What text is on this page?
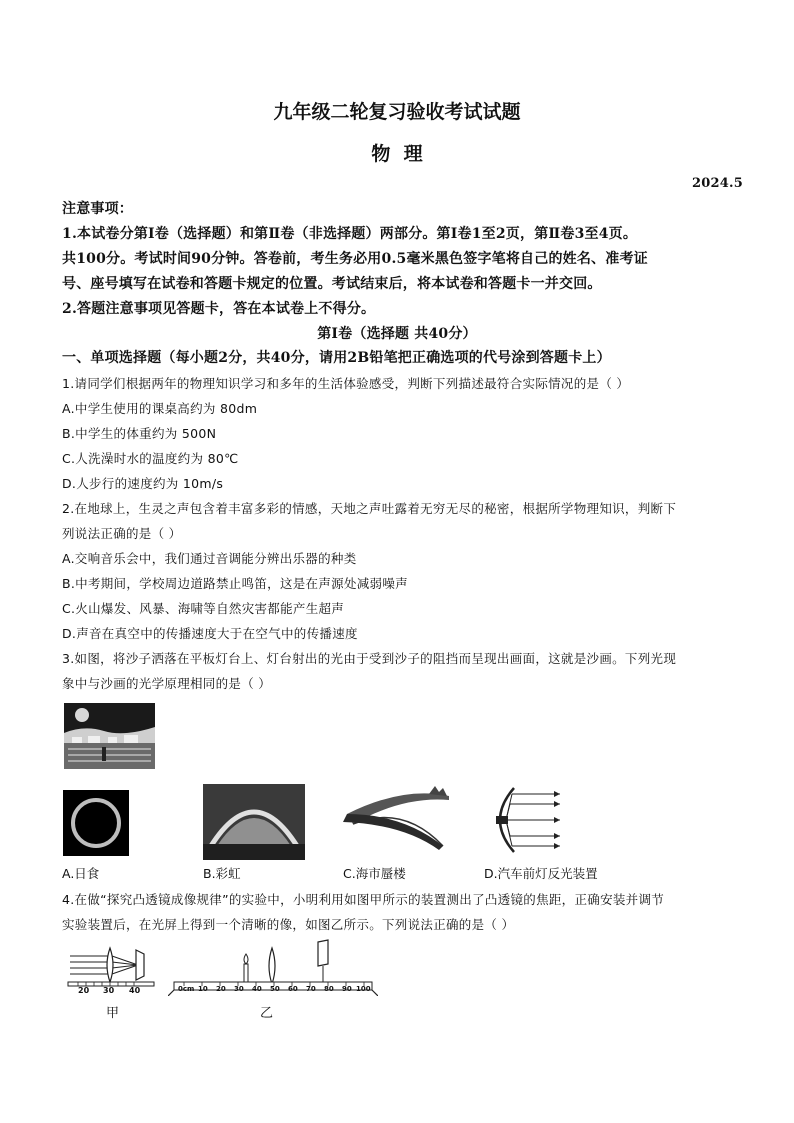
九年级二轮复习验收考试试题
物  理
2024.5
注意事项：
1.本试卷分第Ⅰ卷（选择题）和第Ⅱ卷（非选择题）两部分。第Ⅰ卷1至2页，第Ⅱ卷3至4页。
共100分。考试时间90分钟。答卷前，考生务必用0.5毫米黑色签字笔将自己的姓名、准考证
号、座号填写在试卷和答题卡规定的位置。考试结束后，将本试卷和答题卡一并交回。
2.答题注意事项见答题卡，答在本试卷上不得分。
第Ⅰ卷（选择题 共40分）
一、单项选择题（每小题2分，共40分，请用2B铅笔把正确选项的代号涂到答题卡上）
1.请同学们根据两年的物理知识学习和多年的生活体验感受，判断下列描述最符合实际情况的是（ ）
A.中学生使用的课桌高约为 80dm
B.中学生的体重约为 500N
C.人洗澡时水的温度约为 80℃
D.人步行的速度约为 10m/s
2.在地球上，生灵之声包含着丰富多彩的情感，天地之声吐露着无穷无尽的秘密，根据所学物理知识，判断下
列说法正确的是（ ）
A.交响音乐会中，我们通过音调能分辨出乐器的种类
B.中考期间，学校周边道路禁止鸣笛，这是在声源处减弱噪声
C.火山爆发、风暴、海啸等自然灾害都能产生超声
D.声音在真空中的传播速度大于在空气中的传播速度
3.如图，将沙子洒落在平板灯台上、灯台射出的光由于受到沙子的阻挡而呈现出画面，这就是沙画。下列光现
象中与沙画的光学原理相同的是（ ）
A.日食	B.彩虹	C.海市蜃楼	D.汽车前灯反光装置
4.在做“探究凸透镜成像规律”的实验中，小明利用如图甲所示的装置测出了凸透镜的焦距，正确安装并调节
实验装置后，在光屏上得到一个清晰的像，如图乙所示。下列说法正确的是（ ）
20 30 40
甲
0cm 10 20 30 40 50 60 70 80 90 100
乙
